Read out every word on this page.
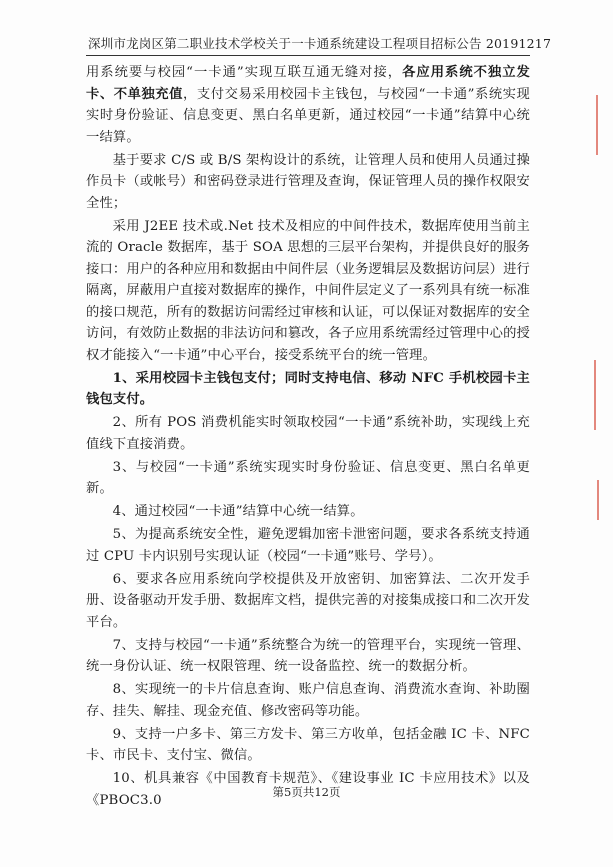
深圳市龙岗区第二职业技术学校关于一卡通系统建设工程项目招标公告 20191217

用系统要与校园“一卡通”实现互联互通无缝对接，各应用系统不独立发卡、不单独充值，支付交易采用校园卡主钱包，与校园“一卡通”系统实现实时身份验证、信息变更、黑白名单更新，通过校园“一卡通”结算中心统一结算。

基于要求 C/S 或 B/S 架构设计的系统，让管理人员和使用人员通过操作员卡（或帐号）和密码登录进行管理及查询，保证管理人员的操作权限安全性；

采用 J2EE 技术或.Net 技术及相应的中间件技术，数据库使用当前主流的 Oracle 数据库，基于 SOA 思想的三层平台架构，并提供良好的服务接口：用户的各种应用和数据由中间件层（业务逻辑层及数据访问层）进行隔离，屏蔽用户直接对数据库的操作，中间件层定义了一系列具有统一标准的接口规范，所有的数据访问需经过审核和认证，可以保证对数据库的安全访问，有效防止数据的非法访问和篡改，各子应用系统需经过管理中心的授权才能接入“一卡通”中心平台，接受系统平台的统一管理。

1、采用校园卡主钱包支付；同时支持电信、移动 NFC 手机校园卡主钱包支付。

2、所有 POS 消费机能实时领取校园“一卡通”系统补助，实现线上充值线下直接消费。

3、与校园“一卡通”系统实现实时身份验证、信息变更、黑白名单更新。

4、通过校园“一卡通”结算中心统一结算。

5、为提高系统安全性，避免逻辑加密卡泄密问题，要求各系统支持通过 CPU 卡内识别号实现认证（校园“一卡通”账号、学号）。

6、要求各应用系统向学校提供及开放密钥、加密算法、二次开发手册、设备驱动开发手册、数据库文档，提供完善的对接集成接口和二次开发平台。

7、支持与校园“一卡通”系统整合为统一的管理平台，实现统一管理、统一身份认证、统一权限管理、统一设备监控、统一的数据分析。

8、实现统一的卡片信息查询、账户信息查询、消费流水查询、补助圈存、挂失、解挂、现金充值、修改密码等功能。

9、支持一户多卡、第三方发卡、第三方收单，包括金融 IC 卡、NFC 卡、市民卡、支付宝、微信。

10、机具兼容《中国教育卡规范》、《建设事业 IC 卡应用技术》以及《PBOC3.0

第5页共12页
